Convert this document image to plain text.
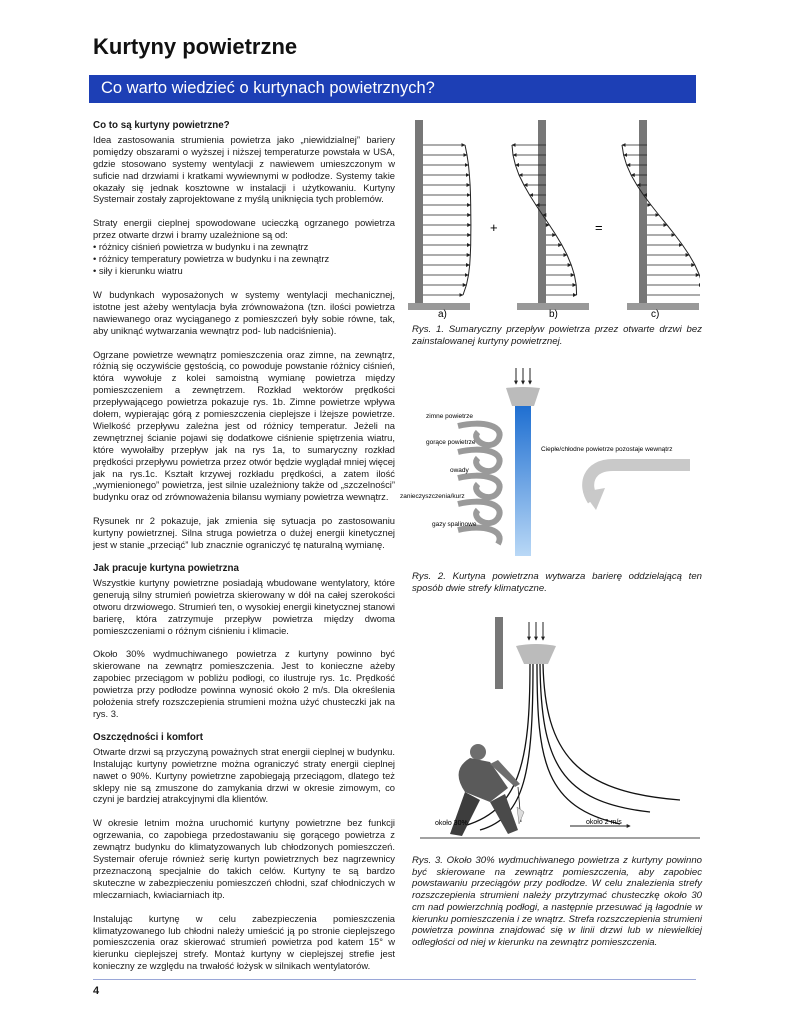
Kurtyny powietrzne
Co warto wiedzieć o kurtynach powietrznych?
Co to są kurtyny powietrzne?

Idea zastosowania strumienia powietrza jako „niewidzialnej” bariery pomiędzy obszarami o wyższej i niższej temperaturze powstała w USA, gdzie stosowano systemy wentylacji z nawiewem umieszczonym w suficie nad drzwiami i kratkami wywiewnymi w podłodze. Systemy takie okazały się jednak kosztowne w instalacji i użytkowaniu. Kurtyny Systemair zostały zaprojektowane z myślą uniknięcia tych problemów.

Straty energii cieplnej spowodowane ucieczką ogrzanego powietrza przez otwarte drzwi i bramy uzależnione są od:

• różnicy ciśnień powietrza w budynku i na zewnątrz
• różnicy temperatury powietrza w budynku i na zewnątrz
• siły i kierunku wiatru

W budynkach wyposażonych w systemy wentylacji mechanicznej, istotne jest ażeby wentylacja była zrównoważona (tzn. ilości powietrza nawiewanego oraz wyciąganego z pomieszczeń były sobie równe, tak, aby uniknąć wytwarzania wewnątrz pod- lub nadciśnienia).

Ogrzane powietrze wewnątrz pomieszczenia oraz zimne, na zewnątrz, różnią się oczywiście gęstością, co powoduje powstanie różnicy ciśnień, która wywołuje z kolei samoistną wymianę powietrza między pomieszczeniem a zewnętrzem. Rozkład wektorów prędkości przepływającego powietrza pokazuje rys. 1b. Zimne powietrze wpływa dołem, wypierając górą z pomieszczenia cieplejsze i lżejsze powietrze. Wielkość przepływu zależna jest od różnicy temperatur. Jeżeli na zewnętrznej ścianie pojawi się dodatkowe ciśnienie spiętrzenia wiatru, które wywołałby przepływ jak na rys 1a, to sumaryczny rozkład prędkości przepływu powietrza przez otwór będzie wyglądał mniej więcej jak na rys.1c. Kształt krzywej rozkładu prędkości, a zatem ilość „wymienionego” powietrza, jest silnie uzależniony także od „szczelności” budynku oraz od zrównoważenia bilansu wymiany powietrza wewnątrz.

Rysunek nr 2 pokazuje, jak zmienia się sytuacja po zastosowaniu kurtyny powietrznej. Silna struga powietrza o dużej energii kinetycznej jest w stanie „przeciąć” lub znacznie ograniczyć tę naturalną wymianę.

Jak pracuje kurtyna powietrzna

Wszystkie kurtyny powietrzne posiadają wbudowane wentylatory, które generują silny strumień powietrza skierowany w dół na całej szerokości otworu drzwiowego. Strumień ten, o wysokiej energii kinetycznej stanowi barierę, która zatrzymuje przepływ powietrza między dwoma pomieszczeniami o różnym ciśnieniu i klimacie.

Około 30% wydmuchiwanego powietrza z kurtyny powinno być skierowane na zewnątrz pomieszczenia. Jest to konieczne ażeby zapobiec przeciągom w pobliżu podłogi, co ilustruje rys. 1c. Prędkość powietrza przy podłodze powinna wynosić około 2 m/s. Dla określenia położenia strefy rozszczepienia strumieni można użyć chusteczki jak na rys. 3.

Oszczędności i komfort

Otwarte drzwi są przyczyną poważnych strat energii cieplnej w budynku. Instalując kurtyny powietrzne można ograniczyć straty energii cieplnej nawet o 90%. Kurtyny powietrzne zapobiegają przeciągom, dlatego też sklepy nie są zmuszone do zamykania drzwi w okresie zimowym, co czyni je bardziej atrakcyjnymi dla klientów.

W okresie letnim można uruchomić kurtyny powietrzne bez funkcji ogrzewania, co zapobiega przedostawaniu się gorącego powietrza z zewnątrz budynku do klimatyzowanych lub chłodzonych pomieszczeń. Systemair oferuje również serię kurtyn powietrznych bez nagrzewnicy przeznaczoną specjalnie do takich celów. Kurtyny te są bardzo skuteczne w zabezpieczeniu pomieszczeń chłodni, szaf chłodniczych w mleczarniach, kwiaciarniach itp.

Instalując kurtynę w celu zabezpieczenia pomieszczenia klimatyzowanego lub chłodni należy umieścić ją po stronie cieplejszego pomieszczenia oraz skierować strumień powietrza pod katem 15° w kierunku cieplejszej strefy. Montaż kurtyny w cieplejszej strefie jest konieczny ze względu na trwałość łożysk w silnikach wentylatorów.

a)	b)	c)
+	=
Rys. 1. Sumaryczny przepływ powietrza przez otwarte drzwi bez zainstalowanej kurtyny powietrznej.
zimne powietrze
gorące powietrze
owady
zanieczyszczenia/kurz
gazy spalinowe
Ciepłe/chłodne powietrze pozostaje wewnątrz
Rys. 2. Kurtyna powietrzna wytwarza barierę oddzielającą ten sposób dwie strefy klimatyczne.
około 30%	około 2 m/s
Rys. 3. Około 30% wydmuchiwanego powietrza z kurtyny powinno być skierowane na zewnątrz pomieszczenia, aby zapobiec powstawaniu przeciągów przy podłodze. W celu znalezienia strefy rozszczepienia strumieni należy przytrzymać chusteczkę około 30 cm nad powierzchnią podłogi, a następnie przesuwać ją łagodnie w kierunku pomieszczenia i ze wnątrz. Strefa rozszczepienia strumieni powietrza powinna znajdować się w linii drzwi lub w niewielkiej odległości od niej w kierunku na zewnątrz pomieszczenia.
4
